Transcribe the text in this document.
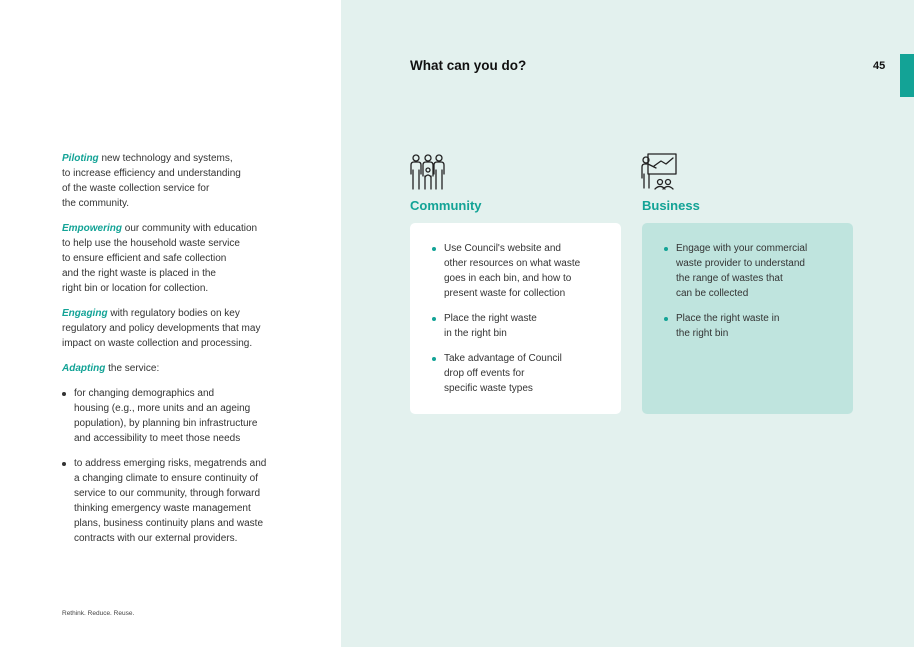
Piloting new technology and systems,
to increase efficiency and understanding
of the waste collection service for
the community.
Empowering our community with education
to help use the household waste service
to ensure efficient and safe collection
and the right waste is placed in the
right bin or location for collection.
Engaging with regulatory bodies on key
regulatory and policy developments that may
impact on waste collection and processing.
Adapting the service:
for changing demographics and
housing (e.g., more units and an ageing
population), by planning bin infrastructure
and accessibility to meet those needs
to address emerging risks, megatrends and
a changing climate to ensure continuity of
service to our community, through forward
thinking emergency waste management
plans, business continuity plans and waste
contracts with our external providers.
Rethink. Reduce. Reuse.
What can you do?	45
Community	Business
Use Council's website and
other resources on what waste
goes in each bin, and how to
present waste for collection
Place the right waste
in the right bin
Take advantage of Council
drop off events for
specific waste types
Engage with your commercial
waste provider to understand
the range of wastes that
can be collected
Place the right waste in
the right bin
